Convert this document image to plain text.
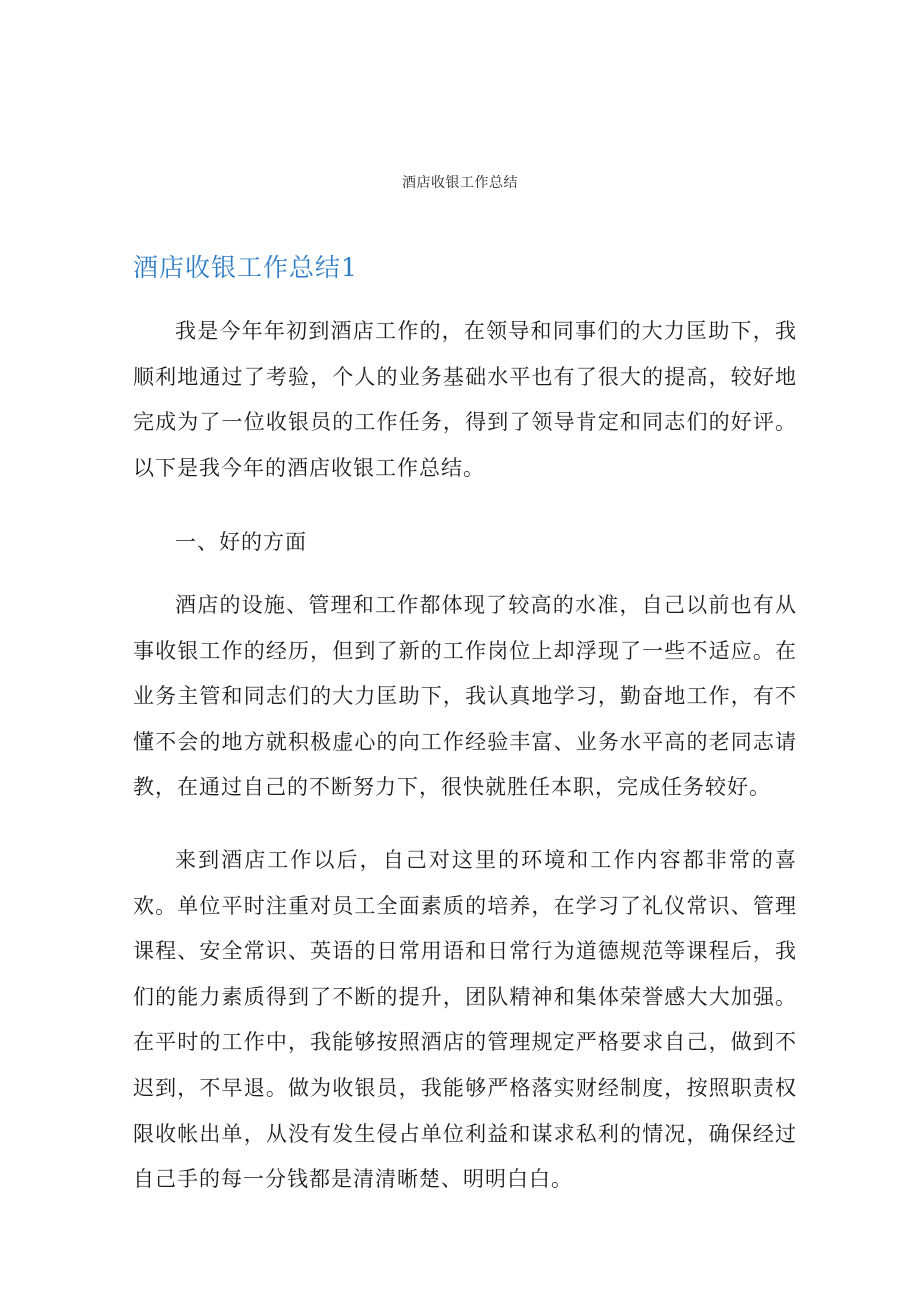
酒店收银工作总结
酒店收银工作总结1

我是今年年初到酒店工作的，在领导和同事们的大力匡助下，我顺利地通过了考验，个人的业务基础水平也有了很大的提高，较好地完成为了一位收银员的工作任务，得到了领导肯定和同志们的好评。以下是我今年的酒店收银工作总结。

一、好的方面

酒店的设施、管理和工作都体现了较高的水准，自己以前也有从事收银工作的经历，但到了新的工作岗位上却浮现了一些不适应。在业务主管和同志们的大力匡助下，我认真地学习，勤奋地工作，有不懂不会的地方就积极虚心的向工作经验丰富、业务水平高的老同志请教，在通过自己的不断努力下，很快就胜任本职，完成任务较好。

来到酒店工作以后，自己对这里的环境和工作内容都非常的喜欢。单位平时注重对员工全面素质的培养，在学习了礼仪常识、管理课程、安全常识、英语的日常用语和日常行为道德规范等课程后，我们的能力素质得到了不断的提升，团队精神和集体荣誉感大大加强。在平时的工作中，我能够按照酒店的管理规定严格要求自己，做到不迟到，不早退。做为收银员，我能够严格落实财经制度，按照职责权限收帐出单，从没有发生侵占单位利益和谋求私利的情况，确保经过自己手的每一分钱都是清清晰楚、明明白白。
